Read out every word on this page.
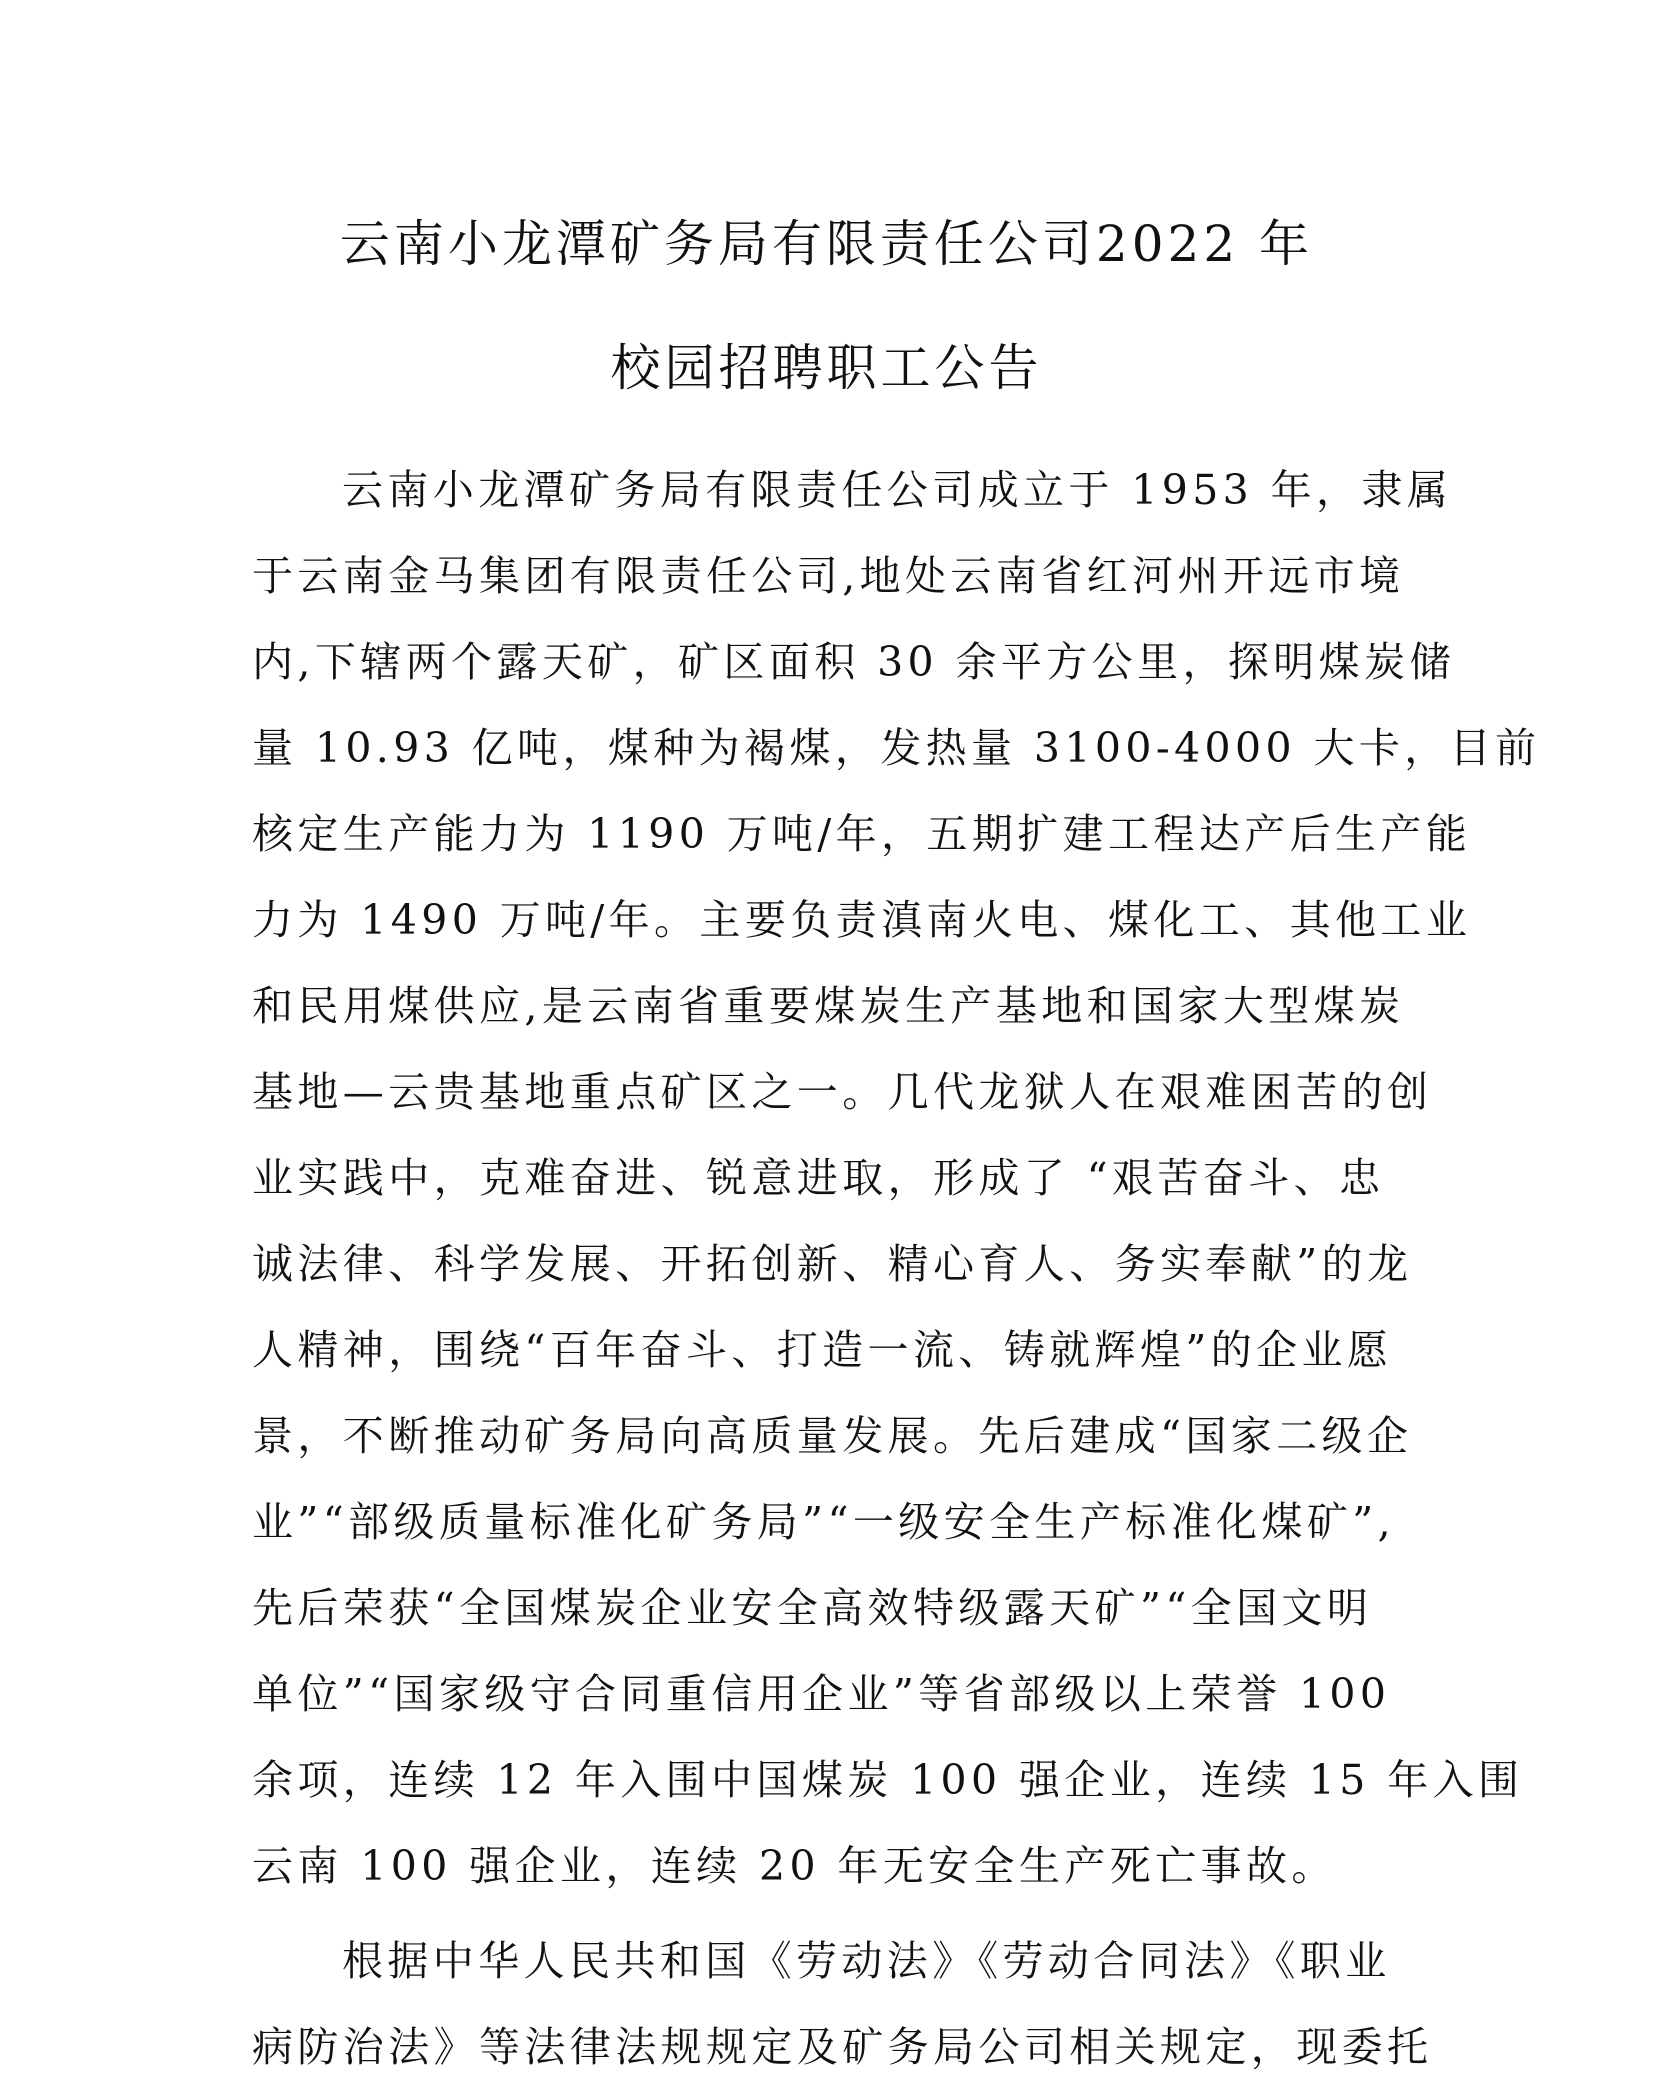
云南小龙潭矿务局有限责任公司2022 年
校园招聘职工公告
云南小龙潭矿务局有限责任公司成立于 1953 年，隶属
于云南金马集团有限责任公司,地处云南省红河州开远市境
内,下辖两个露天矿，矿区面积 30 余平方公里，探明煤炭储
量 10.93 亿吨，煤种为褐煤，发热量 3100-4000 大卡，目前
核定生产能力为 1190 万吨/年，五期扩建工程达产后生产能
力为 1490 万吨/年。主要负责滇南火电、煤化工、其他工业
和民用煤供应,是云南省重要煤炭生产基地和国家大型煤炭
基地—云贵基地重点矿区之一。几代龙狱人在艰难困苦的创
业实践中，克难奋进、锐意进取，形成了 “艰苦奋斗、忠
诚法律、科学发展、开拓创新、精心育人、务实奉献”的龙
人精神，围绕“百年奋斗、打造一流、铸就辉煌”的企业愿
景，不断推动矿务局向高质量发展。先后建成“国家二级企
业”“部级质量标准化矿务局”“一级安全生产标准化煤矿”,
先后荣获“全国煤炭企业安全高效特级露天矿”“全国文明
单位”“国家级守合同重信用企业”等省部级以上荣誉 100
余项，连续 12 年入围中国煤炭 100 强企业，连续 15 年入围
云南 100 强企业，连续 20 年无安全生产死亡事故。
根据中华人民共和国《劳动法》《劳动合同法》《职业
病防治法》等法律法规规定及矿务局公司相关规定，现委托
